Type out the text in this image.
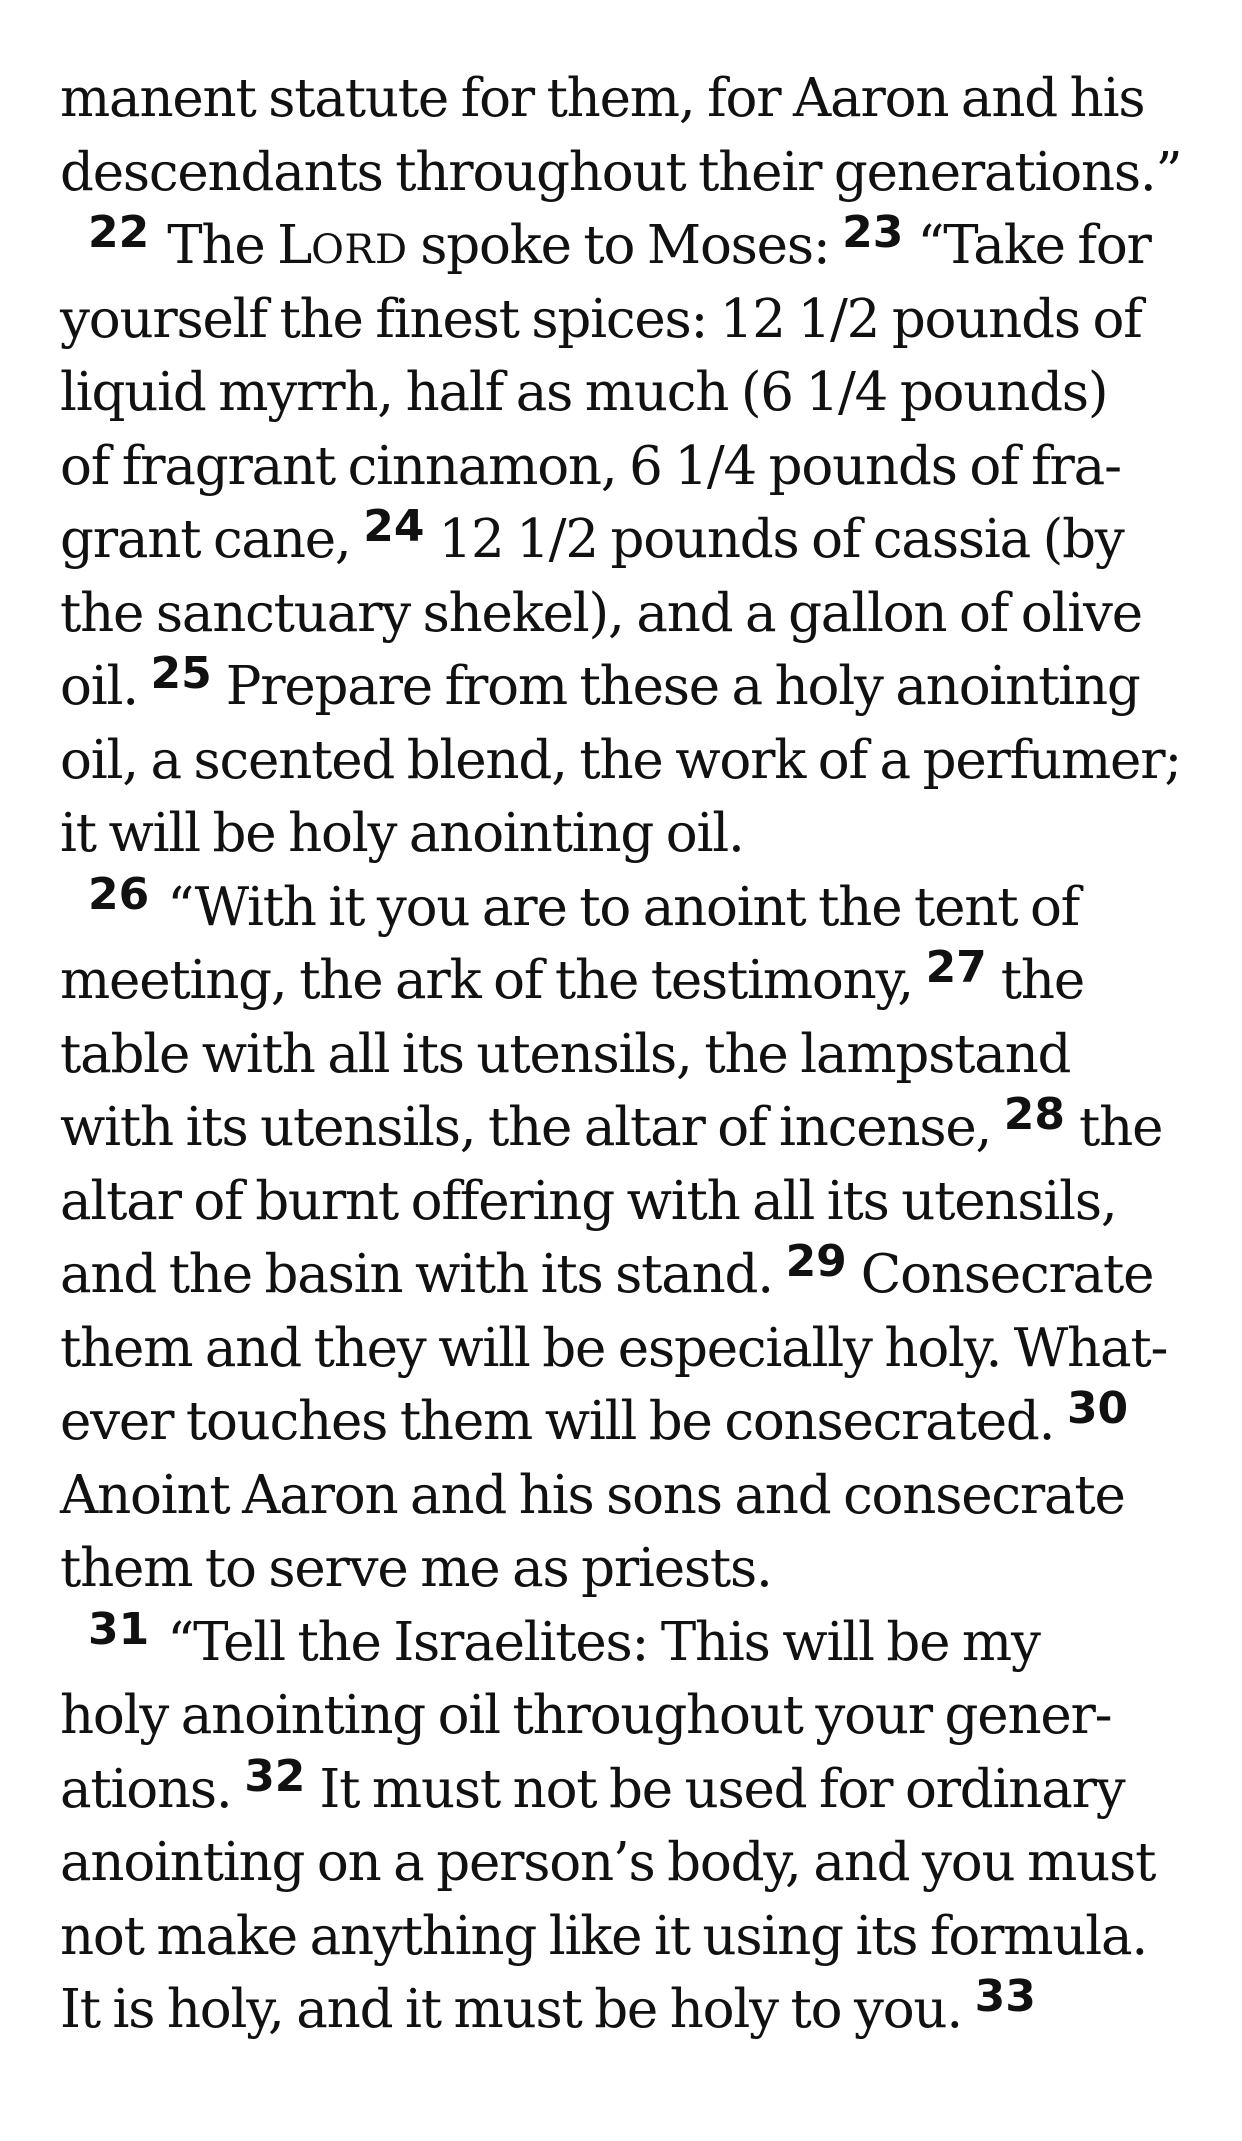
manent statute for them, for Aaron and his
descendants throughout their generations.”
$^{22}$ The LORD spoke to Moses: $^{23}$ “Take for
yourself the finest spices: 12 1/2 pounds of
liquid myrrh, half as much (6 1/4 pounds)
of fragrant cinnamon, 6 1/4 pounds of fra-
grant cane, $^{24}$ 12 1/2 pounds of cassia (by
the sanctuary shekel), and a gallon of olive
oil. $^{25}$ Prepare from these a holy anointing
oil, a scented blend, the work of a perfumer;
it will be holy anointing oil.
$^{26}$ “With it you are to anoint the tent of
meeting, the ark of the testimony, $^{27}$ the
table with all its utensils, the lampstand
with its utensils, the altar of incense, $^{28}$ the
altar of burnt offering with all its utensils,
and the basin with its stand. $^{29}$ Consecrate
them and they will be especially holy. What-
ever touches them will be consecrated. $^{30}$
Anoint Aaron and his sons and consecrate
them to serve me as priests.
$^{31}$ “Tell the Israelites: This will be my
holy anointing oil throughout your gener-
ations. $^{32}$ It must not be used for ordinary
anointing on a person’s body, and you must
not make anything like it using its formula.
It is holy, and it must be holy to you. $^{33}$
